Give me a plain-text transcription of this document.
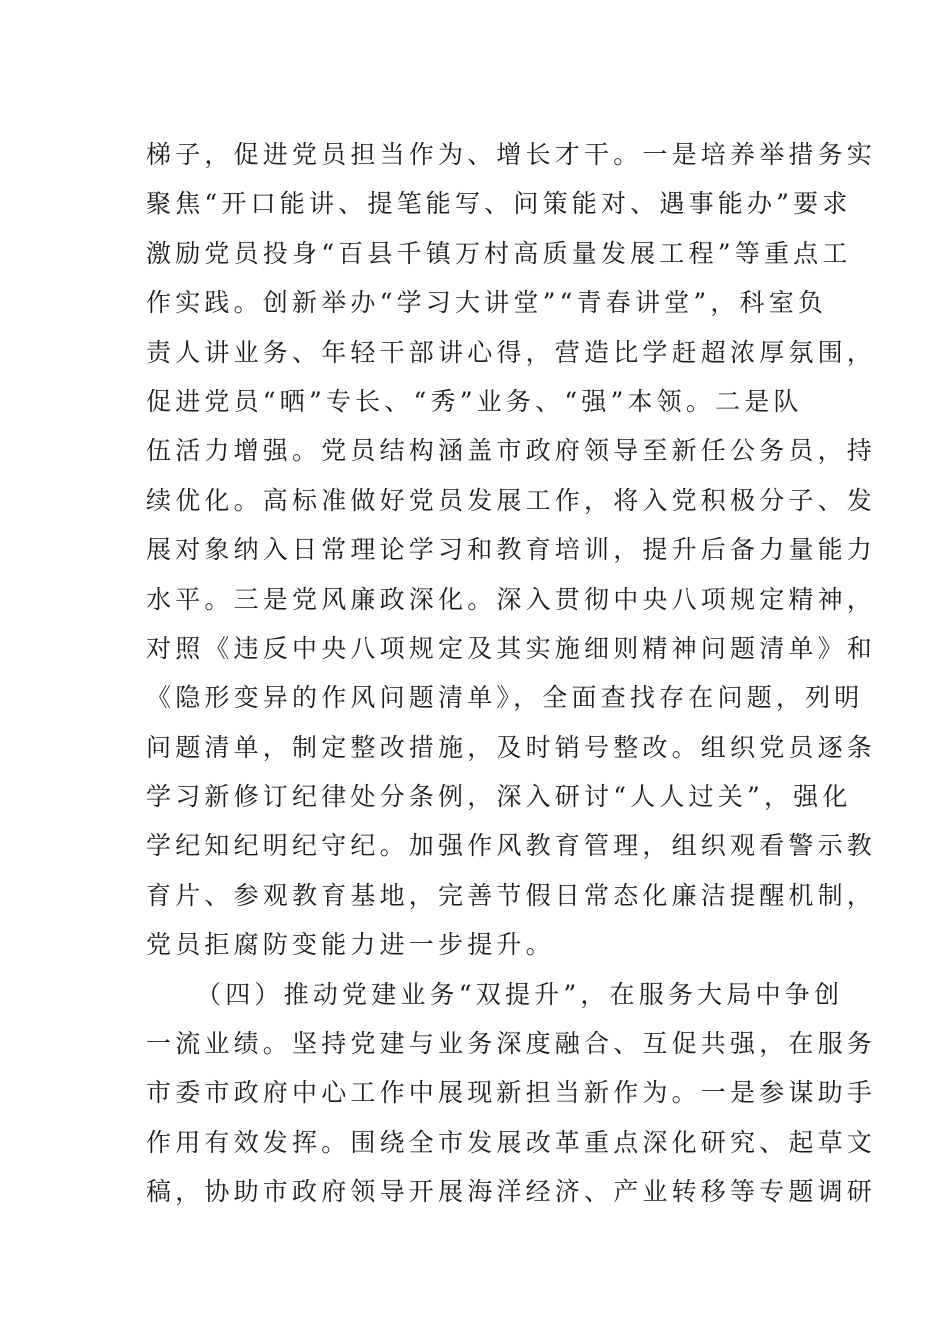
梯子，促进党员担当作为、增长才干。一是培养举措务实
聚焦“开口能讲、提笔能写、问策能对、遇事能办”要求
激励党员投身“百县千镇万村高质量发展工程”等重点工
作实践。创新举办“学习大讲堂”“青春讲堂”，科室负
责人讲业务、年轻干部讲心得，营造比学赶超浓厚氛围，
促进党员“晒”专长、“秀”业务、“强”本领。二是队
伍活力增强。党员结构涵盖市政府领导至新任公务员，持
续优化。高标准做好党员发展工作，将入党积极分子、发
展对象纳入日常理论学习和教育培训，提升后备力量能力
水平。三是党风廉政深化。深入贯彻中央八项规定精神，
对照《违反中央八项规定及其实施细则精神问题清单》和
《隐形变异的作风问题清单》，全面查找存在问题，列明
问题清单，制定整改措施，及时销号整改。组织党员逐条
学习新修订纪律处分条例，深入研讨“人人过关”，强化
学纪知纪明纪守纪。加强作风教育管理，组织观看警示教
育片、参观教育基地，完善节假日常态化廉洁提醒机制，
党员拒腐防变能力进一步提升。
（四）推动党建业务“双提升”，在服务大局中争创
一流业绩。坚持党建与业务深度融合、互促共强，在服务
市委市政府中心工作中展现新担当新作为。一是参谋助手
作用有效发挥。围绕全市发展改革重点深化研究、起草文
稿，协助市政府领导开展海洋经济、产业转移等专题调研
